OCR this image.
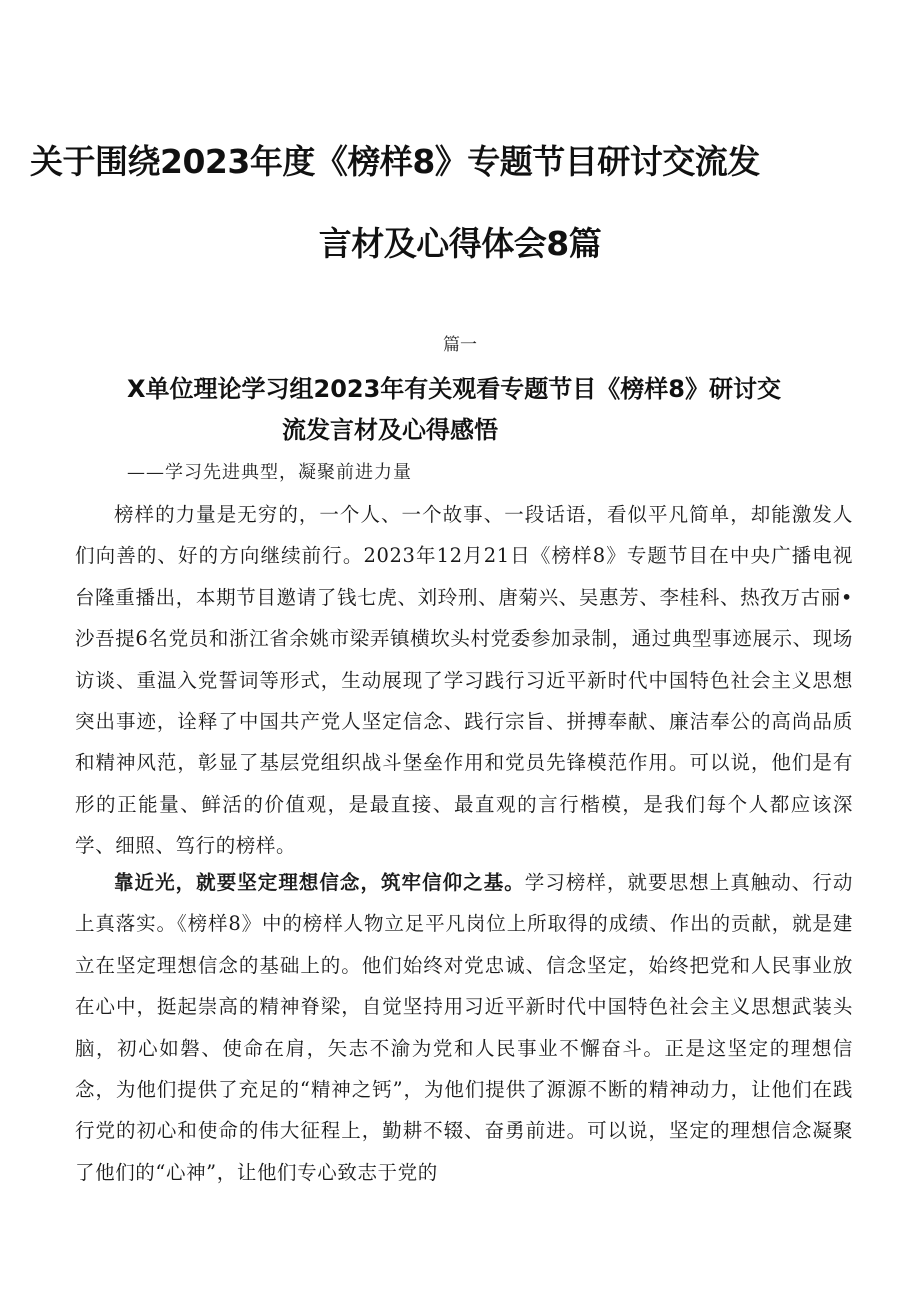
关于围绕2023年度《榜样8》专题节目研讨交流发
言材及心得体会8篇
篇一
X单位理论学习组2023年有关观看专题节目《榜样8》研讨交
流发言材及心得感悟
——学习先进典型，凝聚前进力量

榜样的力量是无穷的，一个人、一个故事、一段话语，看似平凡简单，却能激发人们向善的、好的方向继续前行。2023年12月21日《榜样8》专题节目在中央广播电视台隆重播出，本期节目邀请了钱七虎、刘玲刑、唐菊兴、吴惠芳、李桂科、热孜万古丽•沙吾提6名党员和浙江省余姚市梁弄镇横坎头村党委参加录制，通过典型事迹展示、现场访谈、重温入党誓词等形式，生动展现了学习践行习近平新时代中国特色社会主义思想突出事迹，诠释了中国共产党人坚定信念、践行宗旨、拼搏奉献、廉洁奉公的高尚品质和精神风范，彰显了基层党组织战斗堡垒作用和党员先锋模范作用。可以说，他们是有形的正能量、鲜活的价值观，是最直接、最直观的言行楷模，是我们每个人都应该深学、细照、笃行的榜样。

靠近光，就要坚定理想信念，筑牢信仰之基。学习榜样，就要思想上真触动、行动上真落实。《榜样8》中的榜样人物立足平凡岗位上所取得的成绩、作出的贡献，就是建立在坚定理想信念的基础上的。他们始终对党忠诚、信念坚定，始终把党和人民事业放在心中，挺起崇高的精神脊梁，自觉坚持用习近平新时代中国特色社会主义思想武装头脑，初心如磐、使命在肩，矢志不渝为党和人民事业不懈奋斗。正是这坚定的理想信念，为他们提供了充足的“精神之钙”，为他们提供了源源不断的精神动力，让他们在践行党的初心和使命的伟大征程上，勤耕不辍、奋勇前进。可以说，坚定的理想信念凝聚了他们的“心神”，让他们专心致志于党的
